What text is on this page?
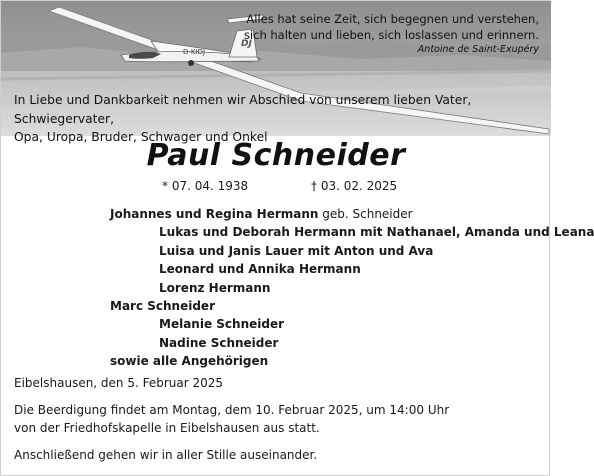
D-KIDJ
DJ
Alles hat seine Zeit, sich begegnen und verstehen,
sich halten und lieben, sich loslassen und erinnern.
Antoine de Saint-Exupéry
In Liebe und Dankbarkeit nehmen wir Abschied von unserem lieben Vater, Schwiegervater,
Opa, Uropa, Bruder, Schwager und Onkel
Paul Schneider
* 07. 04. 1938	† 03. 02. 2025
Johannes und Regina Hermann geb. Schneider
Lukas und Deborah Hermann mit Nathanael, Amanda und Leana
Luisa und Janis Lauer mit Anton und Ava
Leonard und Annika Hermann
Lorenz Hermann
Marc Schneider
Melanie Schneider
Nadine Schneider
sowie alle Angehörigen
Eibelshausen, den 5. Februar 2025
Die Beerdigung findet am Montag, dem 10. Februar 2025, um 14:00 Uhr
von der Friedhofskapelle in Eibelshausen aus statt.
Anschließend gehen wir in aller Stille auseinander.
